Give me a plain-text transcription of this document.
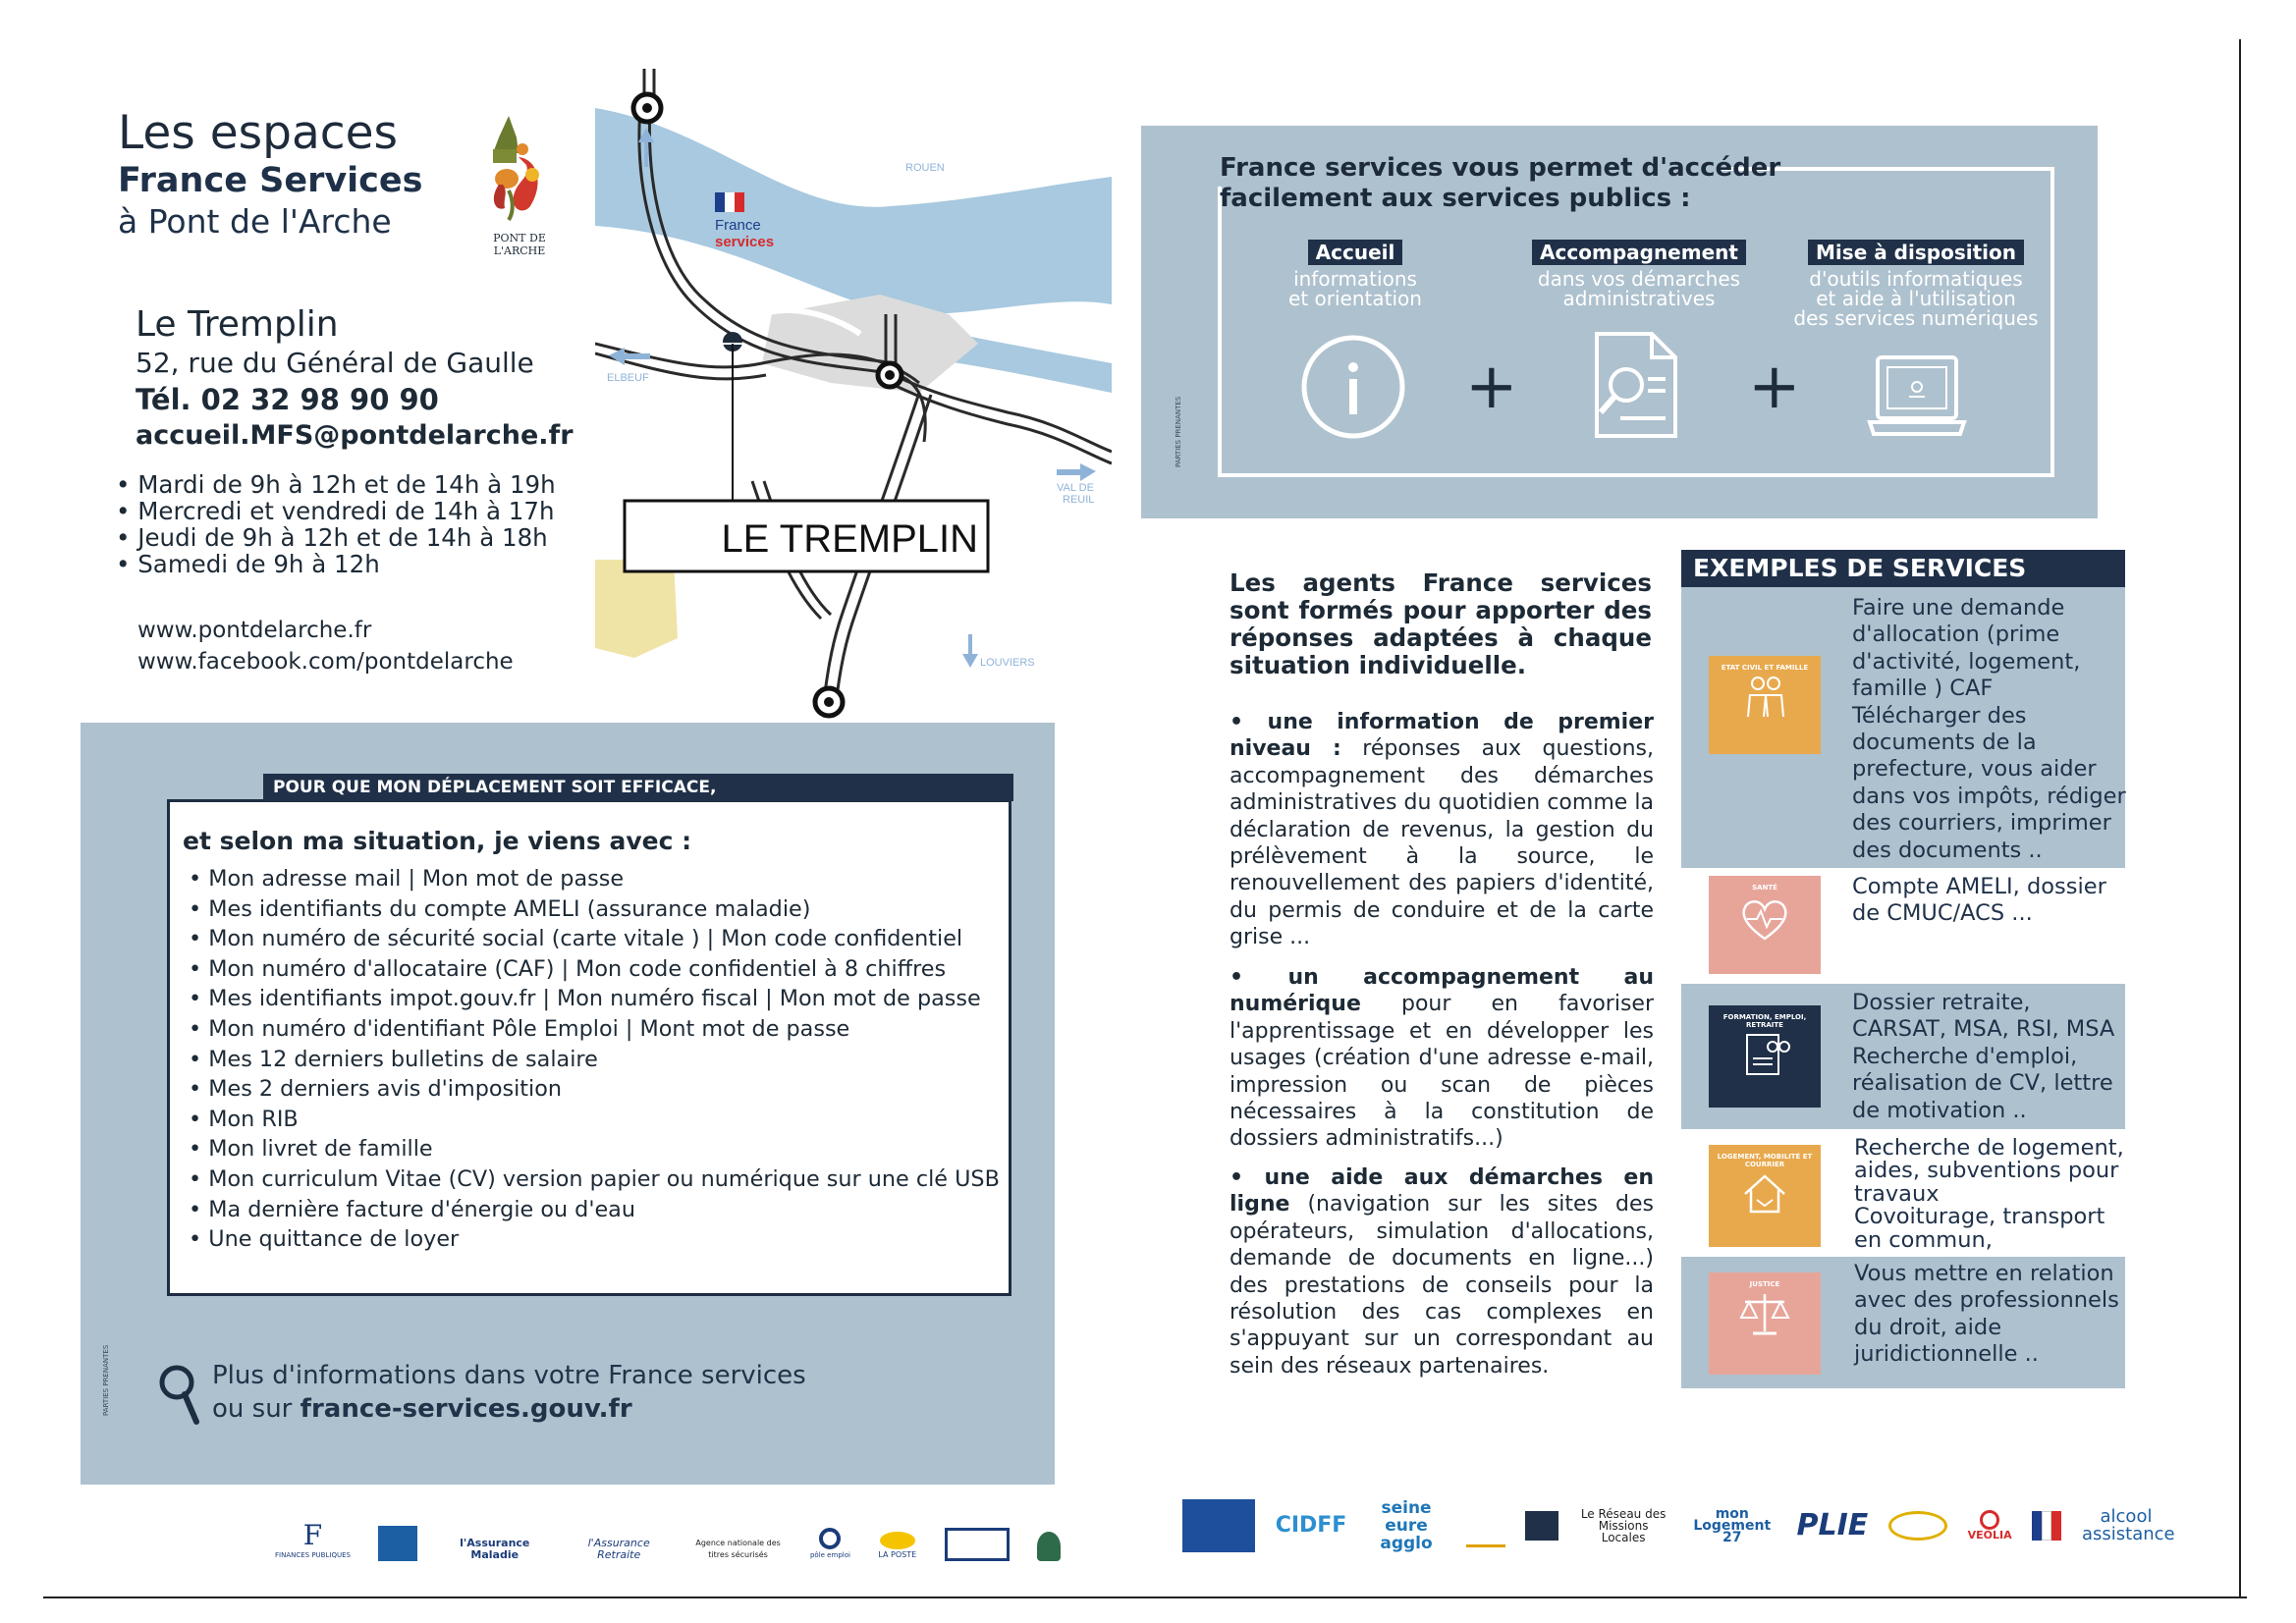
Les espaces
France Services
à Pont de l'Arche	PONT DE
L'ARCHE
Le Tremplin
52, rue du Général de Gaulle
Tél. 02 32 98 90 90
accueil.MFS@pontdelarche.fr
• Mardi de 9h à 12h et de 14h à 19h
• Mercredi et vendredi de 14h à 17h
• Jeudi de 9h à 12h et de 14h à 18h
• Samedi de 9h à 12h
www.pontdelarche.fr
www.facebook.com/pontdelarche
France
services
ROUEN
ELBEUF
VAL DE
REUIL
LOUVIERS
LE TREMPLIN
POUR QUE MON DÉPLACEMENT SOIT EFFICACE,
et selon ma situation, je viens avec :
• Mon adresse mail | Mon mot de passe
• Mes identifiants du compte AMELI (assurance maladie)
• Mon numéro de sécurité social (carte vitale ) | Mon code confidentiel
• Mon numéro d'allocataire (CAF) | Mon code confidentiel à 8 chiffres
• Mes identifiants impot.gouv.fr | Mon numéro fiscal | Mon mot de passe
• Mon numéro d'identifiant Pôle Emploi | Mont mot de passe
• Mes 12 derniers bulletins de salaire
• Mes 2 derniers avis d'imposition
• Mon RIB
• Mon livret de famille
• Mon curriculum Vitae (CV) version papier ou numérique sur une clé USB
• Ma dernière facture d'énergie ou d'eau
• Une quittance de loyer
Plus d'informations dans votre France services
ou sur france-services.gouv.fr
PARTIES PRENANTES
France services vous permet d'accéder
facilement aux services publics :
PARTIES PRENANTES
Accueil
informations
et orientation
+
Accompagnement
dans vos démarches
administratives
+
Mise à disposition
d'outils informatiques
et aide à l'utilisation
des services numériques
Les agents France services sont formés pour apporter des réponses adaptées à chaque situation individuelle.
• une information de premier niveau : réponses aux questions, accompagnement des démarches administratives du quotidien comme la déclaration de revenus, la gestion du prélèvement à la source, le renouvellement des papiers d'identité, du permis de conduire et de la carte grise ...
• un accompagnement au numérique pour en favoriser l'apprentissage et en développer les usages (création d'une adresse e-mail, impression ou scan de pièces nécessaires à la constitution de dossiers administratifs...)
• une aide aux démarches en ligne (navigation sur les sites des opérateurs, simulation d'allocations, demande de documents en ligne...) des prestations de conseils pour la résolution des cas complexes en s'appuyant sur un correspondant au sein des réseaux partenaires.
EXEMPLES DE SERVICES
ETAT CIVIL ET FAMILLE
Faire une demande
d'allocation (prime
d'activité, logement,
famille ) CAF
Télécharger des
documents de la
prefecture, vous aider
dans vos impôts, rédiger
des courriers, imprimer
des documents ..
SANTÉ	Compte AMELI, dossier
de CMUC/ACS ...
FORMATION, EMPLOI, RETRAITE
Dossier retraite,
CARSAT, MSA, RSI, MSA
Recherche d'emploi,
réalisation de CV, lettre
de motivation ..
LOGEMENT, MOBILITÉ ET COURRIER
Recherche de logement,
aides, subventions pour
travaux
Covoiturage, transport
en commun,
JUSTICE	Vous mettre en relation
avec des professionnels
du droit, aide
juridictionnelle ..
F
FINANCES PUBLIQUES
l'Assurance Maladie
l'Assurance Retraite
Agence nationale des titres sécurisés	pôle emploi	LA POSTE
CIDFF
seine eure agglo
Le Réseau des Missions Locales
mon Logement 27	PLIE	VEOLIA
alcool assistance
